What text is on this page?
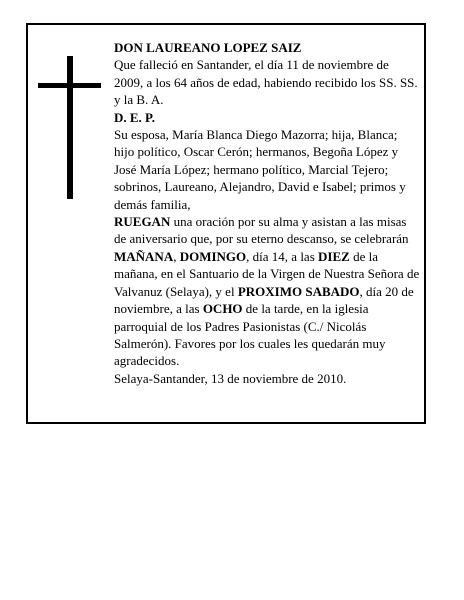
DON LAUREANO LOPEZ SAIZ

Que falleció en Santander, el día 11 de noviembre de 2009, a los 64 años de edad, habiendo recibido los SS. SS. y la B. A.

D. E. P.

Su esposa, María Blanca Diego Mazorra; hija, Blanca; hijo político, Oscar Cerón; hermanos, Begoña López y José María López; hermano político, Marcial Tejero; sobrinos, Laureano, Alejandro, David e Isabel; primos y demás familia,

RUEGAN una oración por su alma y asistan a las misas de aniversario que, por su eterno descanso, se celebrarán MAÑANA, DOMINGO, día 14, a las DIEZ de la mañana, en el Santuario de la Virgen de Nuestra Señora de Valvanuz (Selaya), y el PROXIMO SABADO, día 20 de noviembre, a las OCHO de la tarde, en la iglesia parroquial de los Padres Pasionistas (C./ Nicolás Salmerón). Favores por los cuales les quedarán muy agradecidos.

Selaya-Santander, 13 de noviembre de 2010.
